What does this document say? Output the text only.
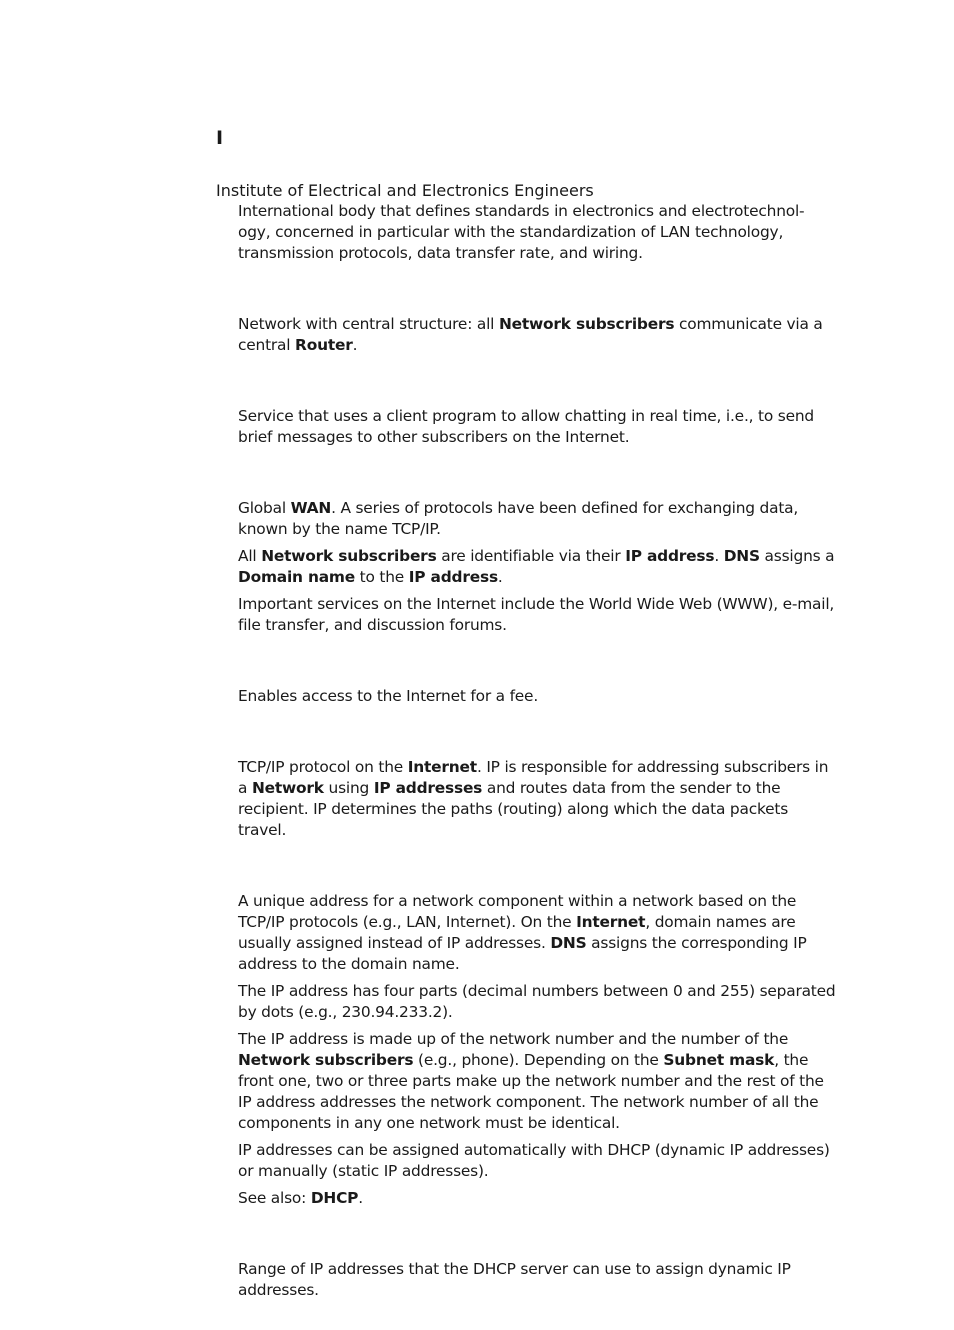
I
Institute of Electrical and Electronics Engineers

International body that defines standards in electronics and electrotechnol-ogy, concerned in particular with the standardization of LAN technology, transmission protocols, data transfer rate, and wiring.

Network with central structure: all Network subscribers communicate via a central Router.

Service that uses a client program to allow chatting in real time, i.e., to send brief messages to other subscribers on the Internet.

Global WAN. A series of protocols have been defined for exchanging data, known by the name TCP/IP.

All Network subscribers are identifiable via their IP address. DNS assigns a Domain name to the IP address.

Important services on the Internet include the World Wide Web (WWW), e-mail, file transfer, and discussion forums.

Enables access to the Internet for a fee.

TCP/IP protocol on the Internet. IP is responsible for addressing subscribers in a Network using IP addresses and routes data from the sender to the recipient. IP determines the paths (routing) along which the data packets travel.

A unique address for a network component within a network based on the TCP/IP protocols (e.g., LAN, Internet). On the Internet, domain names are usually assigned instead of IP addresses. DNS assigns the corresponding IP address to the domain name.

The IP address has four parts (decimal numbers between 0 and 255) separated by dots (e.g., 230.94.233.2).

The IP address is made up of the network number and the number of the Network subscribers (e.g., phone). Depending on the Subnet mask, the front one, two or three parts make up the network number and the rest of the IP address addresses the network component. The network number of all the components in any one network must be identical.

IP addresses can be assigned automatically with DHCP (dynamic IP addresses) or manually (static IP addresses).

See also: DHCP.

Range of IP addresses that the DHCP server can use to assign dynamic IP addresses.
